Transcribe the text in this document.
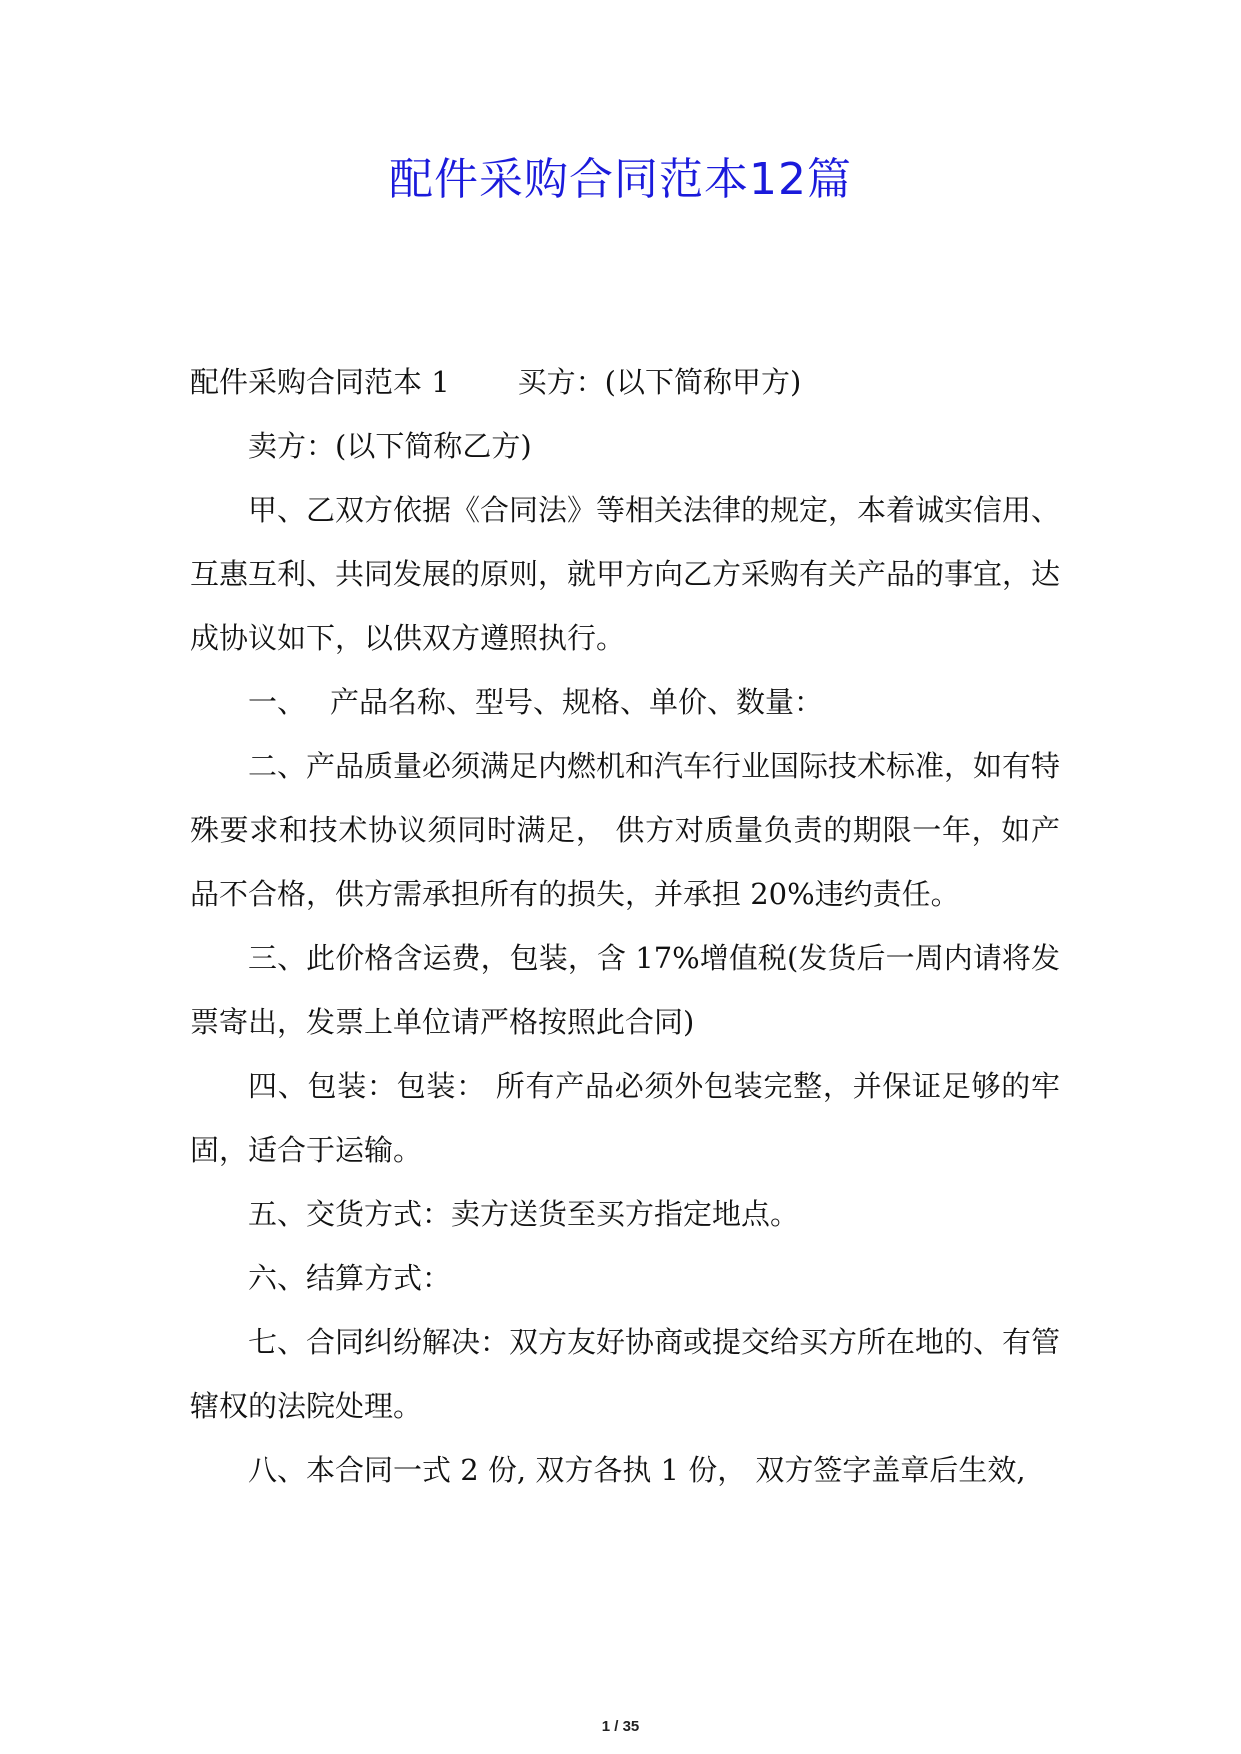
配件采购合同范本12篇

配件采购合同范本 1 买方：(以下简称甲方)

卖方：(以下简称乙方)

甲、乙双方依据《合同法》等相关法律的规定，本着诚实信用、互惠互利、共同发展的原则，就甲方向乙方采购有关产品的事宜，达成协议如下，以供双方遵照执行。

一、 产品名称、型号、规格、单价、数量：

二、产品质量必须满足内燃机和汽车行业国际技术标准，如有特殊要求和技术协议须同时满足， 供方对质量负责的期限一年，如产品不合格，供方需承担所有的损失，并承担 20%违约责任。

三、此价格含运费，包装，含 17%增值税(发货后一周内请将发票寄出，发票上单位请严格按照此合同)

四、包装：包装： 所有产品必须外包装完整，并保证足够的牢固，适合于运输。

五、交货方式：卖方送货至买方指定地点。

六、结算方式：

七、合同纠纷解决：双方友好协商或提交给买方所在地的、有管辖权的法院处理。

八、本合同一式 2 份, 双方各执 1 份， 双方签字盖章后生效,

1 / 35
